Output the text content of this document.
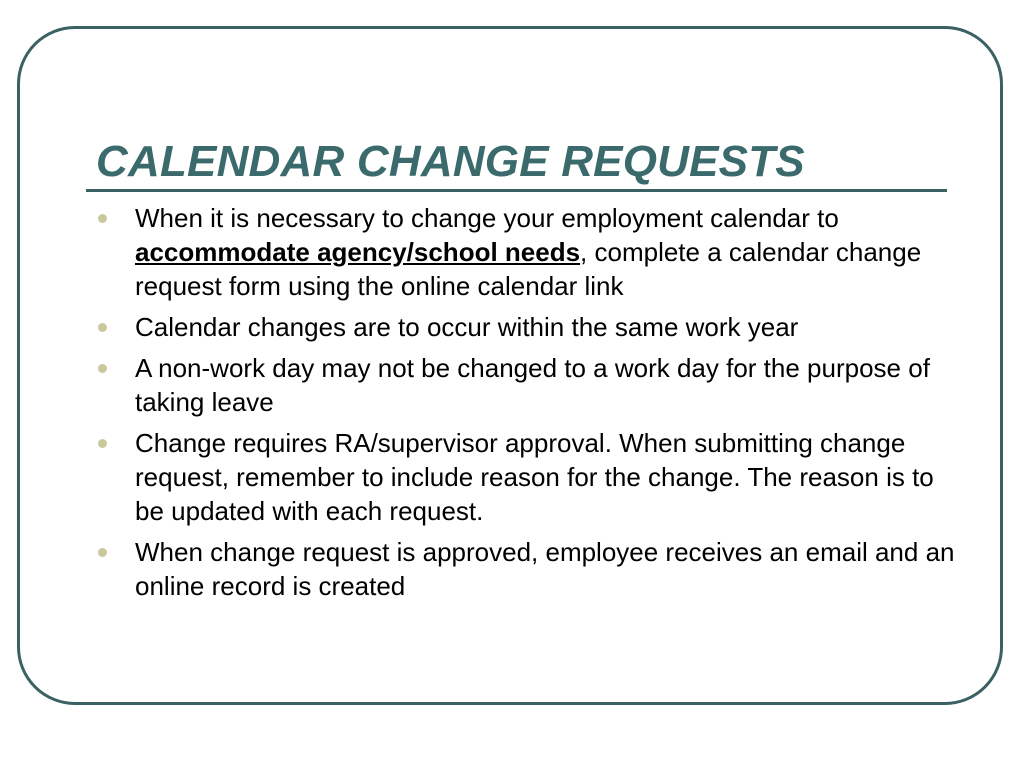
CALENDAR CHANGE REQUESTS
When it is necessary to change your employment calendar to accommodate agency/school needs, complete a calendar change request form using the online calendar link
Calendar changes are to occur within the same work year
A non-work day may not be changed to a work day for the purpose of taking leave
Change requires RA/supervisor approval. When submitting change request, remember to include reason for the change. The reason is to be updated with each request.
When change request is approved, employee receives an email and an online record is created
